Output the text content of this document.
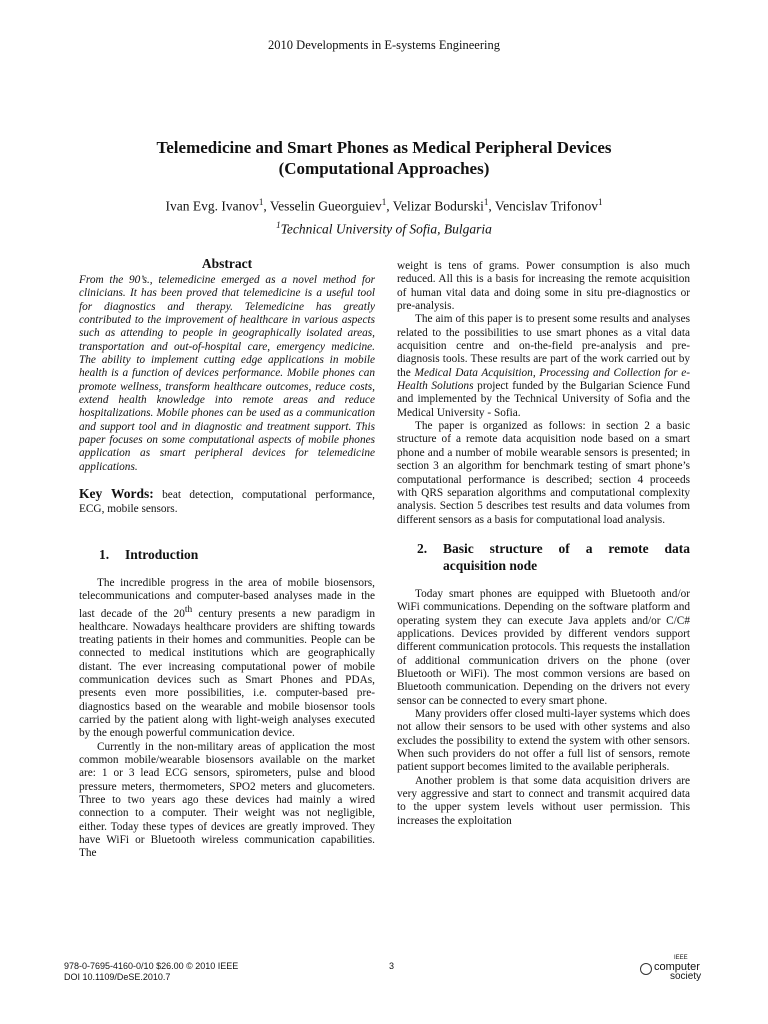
2010 Developments in E-systems Engineering
Telemedicine and Smart Phones as Medical Peripheral Devices
(Computational Approaches)
Ivan Evg. Ivanov$^1$, Vesselin Gueorguiev$^1$, Velizar Bodurski$^1$, Vencislav Trifonov$^1$
$^1$Technical University of Sofia, Bulgaria
Abstract

From the 90’s., telemedicine emerged as a novel method for clinicians. It has been proved that telemedicine is a useful tool for diagnostics and therapy. Telemedicine has greatly contributed to the improvement of healthcare in various aspects such as attending to people in geographically isolated areas, transportation and out-of-hospital care, emergency medicine. The ability to implement cutting edge applications in mobile health is a function of devices performance. Mobile phones can promote wellness, transform healthcare outcomes, reduce costs, extend health knowledge into remote areas and reduce hospitalizations. Mobile phones can be used as a communication and support tool and in diagnostic and treatment support. This paper focuses on some computational aspects of mobile phones application as smart peripheral devices for telemedicine applications.

Key Words: beat detection, computational performance, ECG, mobile sensors.

1.	Introduction

The incredible progress in the area of mobile biosensors, telecommunications and computer-based analyses made in the last decade of the 20th century presents a new paradigm in healthcare. Nowadays healthcare providers are shifting towards treating patients in their homes and communities. People can be connected to medical institutions which are geographically distant. The ever increasing computational power of mobile communication devices such as Smart Phones and PDAs, presents even more possibilities, i.e. computer-based pre-diagnostics based on the wearable and mobile biosensor tools carried by the patient along with light-weigh analyses executed by the enough powerful communication device.

Currently in the non-military areas of application the most common mobile/wearable biosensors available on the market are: 1 or 3 lead ECG sensors, spirometers, pulse and blood pressure meters, thermometers, SPO2 meters and glucometers. Three to two years ago these devices had mainly a wired connection to a computer. Their weight was not negligible, either. Today these types of devices are greatly improved. They have WiFi or Bluetooth wireless communication capabilities. The

weight is tens of grams. Power consumption is also much reduced. All this is a basis for increasing the remote acquisition of human vital data and doing some in situ pre-diagnostics or pre-analysis.

The aim of this paper is to present some results and analyses related to the possibilities to use smart phones as a vital data acquisition centre and on-the-field pre-analysis and pre-diagnosis tools. These results are part of the work carried out by the Medical Data Acquisition, Processing and Collection for e-Health Solutions project funded by the Bulgarian Science Fund and implemented by the Technical University of Sofia and the Medical University - Sofia.

The paper is organized as follows: in section 2 a basic structure of a remote data acquisition node based on a smart phone and a number of mobile wearable sensors is presented; in section 3 an algorithm for benchmark testing of smart phone’s computational performance is described; section 4 proceeds with QRS separation algorithms and computational complexity analysis. Section 5 describes test results and data volumes from different sensors as a basis for computational load analysis.

2.	Basic structure of a remote data acquisition node

Today smart phones are equipped with Bluetooth and/or WiFi communications. Depending on the software platform and operating system they can execute Java applets and/or C/C# applications. Devices provided by different vendors support different communication protocols. This requests the installation of additional communication drivers on the phone (over Bluetooth or WiFi). The most common versions are based on Bluetooth communication. Depending on the drivers not every sensor can be connected to every smart phone.

Many providers offer closed multi-layer systems which does not allow their sensors to be used with other systems and also excludes the possibility to extend the system with other sensors. When such providers do not offer a full list of sensors, remote patient support becomes limited to the available peripherals.

Another problem is that some data acquisition drivers are very aggressive and start to connect and transmit acquired data to the upper system levels without user permission. This increases the exploitation

978-0-7695-4160-0/10 $26.00 © 2010 IEEE
DOI 10.1109/DeSE.2010.7
3
IEEE
computer
society
